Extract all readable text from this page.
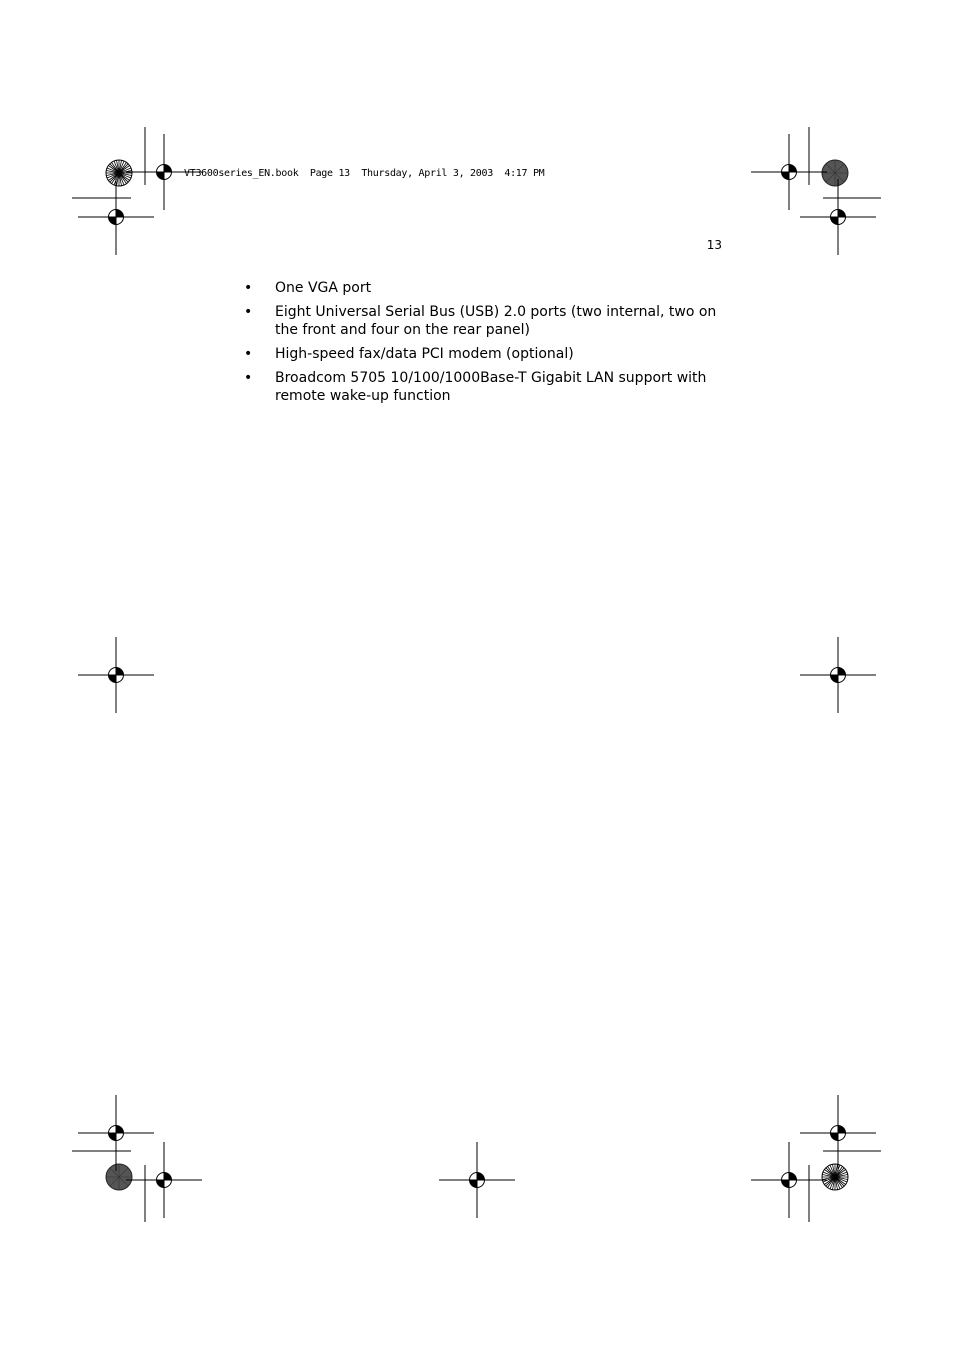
VT3600series_EN.book  Page 13  Thursday, April 3, 2003  4:17 PM
13
• One VGA port
• Eight Universal Serial Bus (USB) 2.0 ports (two internal, two on the front and four on the rear panel)
• High-speed fax/data PCI modem (optional)
• Broadcom 5705 10/100/1000Base-T Gigabit LAN support with remote wake-up function
